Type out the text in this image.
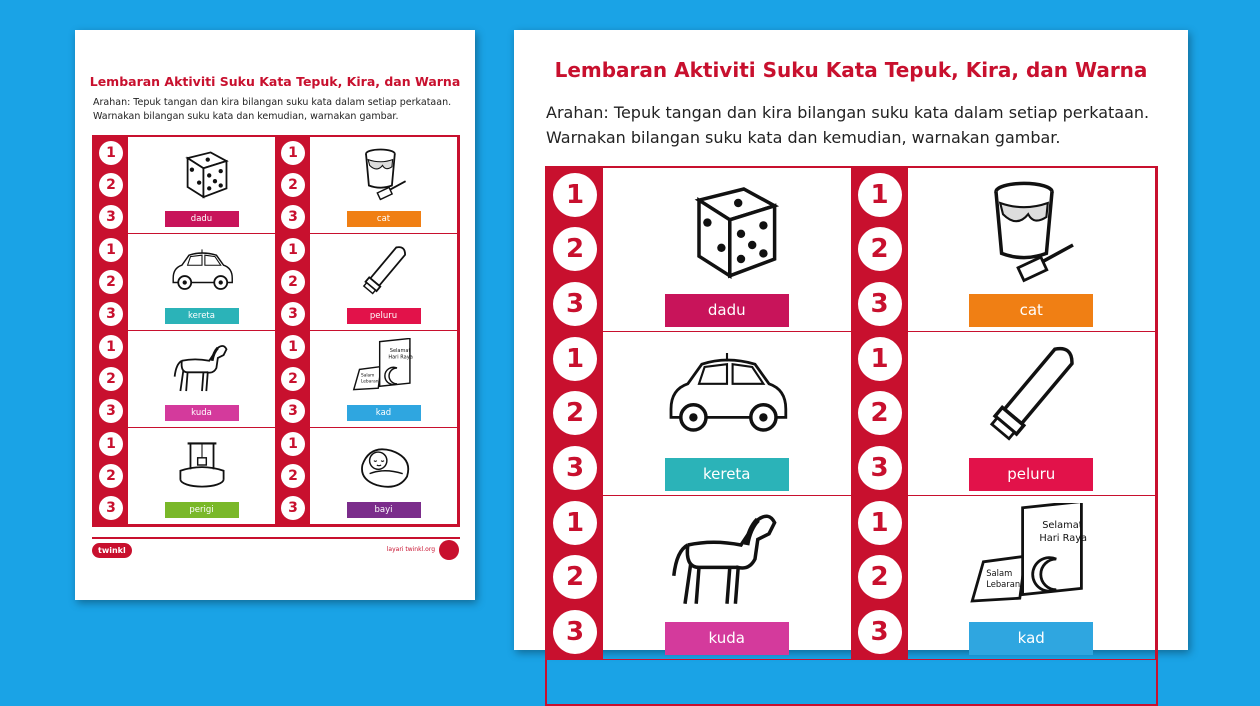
Lembaran Aktiviti Suku Kata Tepuk, Kira, dan Warna
Arahan: Tepuk tangan dan kira bilangan suku kata dalam setiap perkataan.
Warnakan bilangan suku kata dan kemudian, warnakan gambar.
1
2
3	dadu
1
2
3	cat
1
2
3	kereta
1
2
3	peluru
1
2
3	kuda
1
2
3
Selamat
Hari Raya
Salam
Lebaran
kad
1
2
3	perigi
1
2
3	bayi
twinkl	layari twinkl.org
Lembaran Aktiviti Suku Kata Tepuk, Kira, dan Warna
Arahan: Tepuk tangan dan kira bilangan suku kata dalam setiap perkataan.
Warnakan bilangan suku kata dan kemudian, warnakan gambar.
1
2
3	dadu
1
2
3	cat
1
2
3	kereta
1
2
3	peluru
1
2
3	kuda
1
2
3
Selamat
Hari Raya
Salam
Lebaran
kad
